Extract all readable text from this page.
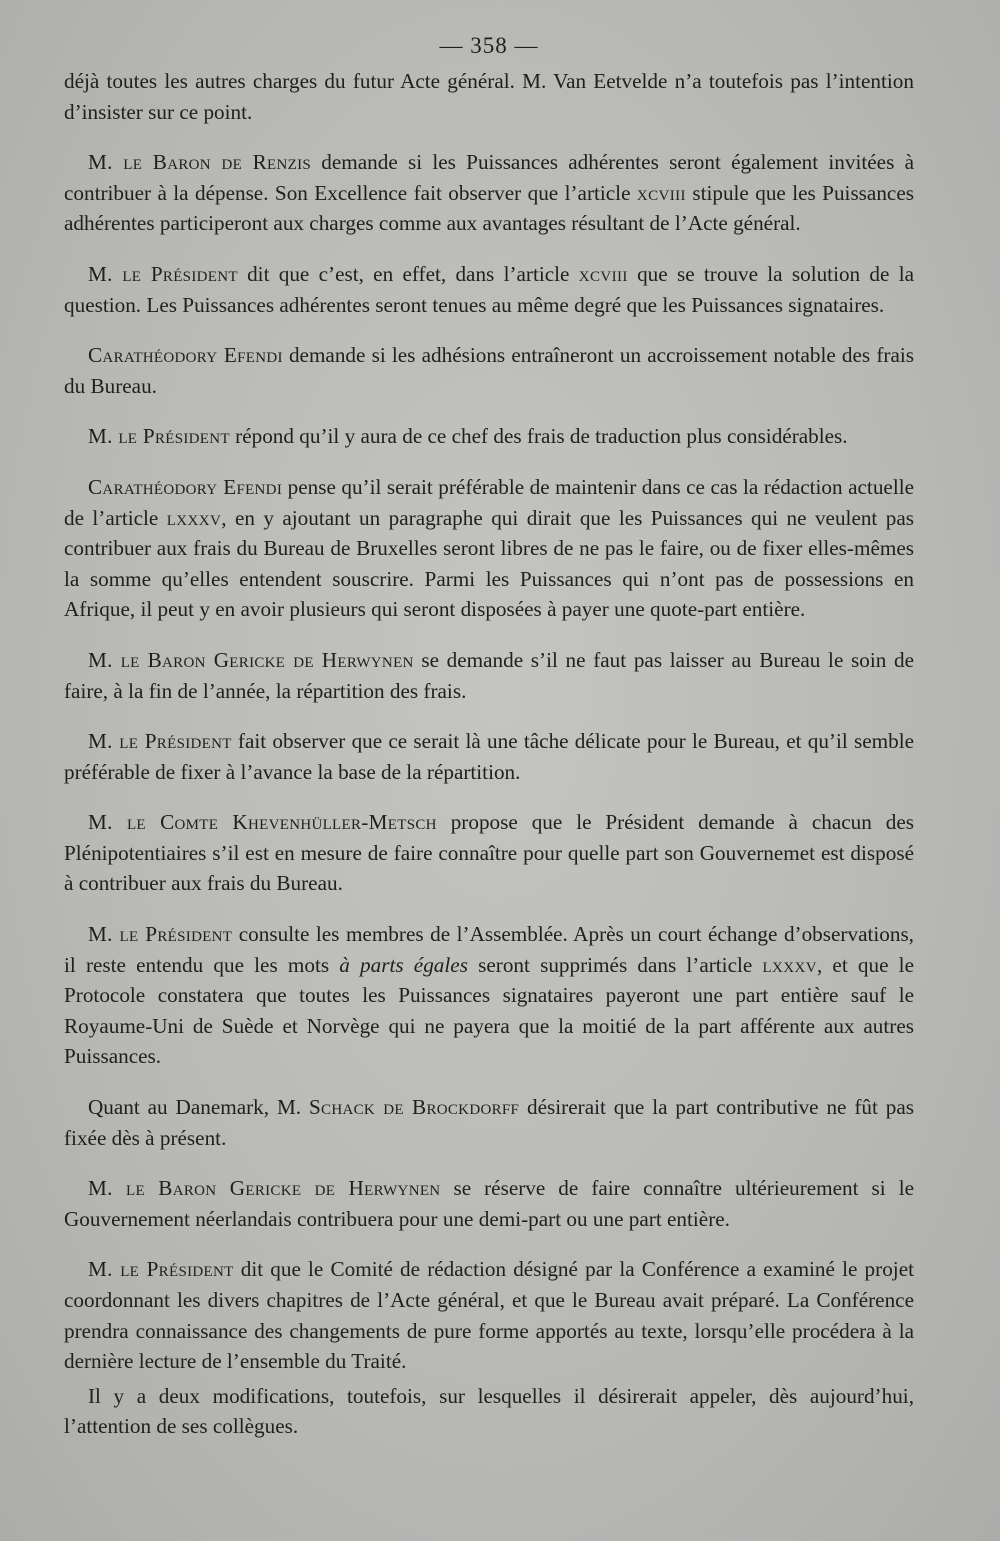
— 358 —

déjà toutes les autres charges du futur Acte général. M. Van Eetvelde n’a toutefois pas l’intention d’insister sur ce point.

M. le Baron de Renzis demande si les Puissances adhérentes seront également invitées à contribuer à la dépense. Son Excellence fait observer que l’article xcviii stipule que les Puissances adhérentes participeront aux charges comme aux avantages résultant de l’Acte général.

M. le Président dit que c’est, en effet, dans l’article xcviii que se trouve la solution de la question. Les Puissances adhérentes seront tenues au même degré que les Puissances signataires.

Carathéodory Efendi demande si les adhésions entraîneront un accroissement notable des frais du Bureau.

M. le Président répond qu’il y aura de ce chef des frais de traduction plus considérables.

Carathéodory Efendi pense qu’il serait préférable de maintenir dans ce cas la rédaction actuelle de l’article lxxxv, en y ajoutant un paragraphe qui dirait que les Puissances qui ne veulent pas contribuer aux frais du Bureau de Bruxelles seront libres de ne pas le faire, ou de fixer elles-mêmes la somme qu’elles entendent souscrire. Parmi les Puissances qui n’ont pas de possessions en Afrique, il peut y en avoir plusieurs qui seront disposées à payer une quote-part entière.

M. le Baron Gericke de Herwynen se demande s’il ne faut pas laisser au Bureau le soin de faire, à la fin de l’année, la répartition des frais.

M. le Président fait observer que ce serait là une tâche délicate pour le Bureau, et qu’il semble préférable de fixer à l’avance la base de la répartition.

M. le Comte Khevenhüller-Metsch propose que le Président demande à chacun des Plénipotentiaires s’il est en mesure de faire connaître pour quelle part son Gouvernemet est disposé à contribuer aux frais du Bureau.

M. le Président consulte les membres de l’Assemblée. Après un court échange d’observations, il reste entendu que les mots à parts égales seront supprimés dans l’article lxxxv, et que le Protocole constatera que toutes les Puissances signataires payeront une part entière sauf le Royaume-Uni de Suède et Norvège qui ne payera que la moitié de la part afférente aux autres Puissances.

Quant au Danemark, M. Schack de Brockdorff désirerait que la part contributive ne fût pas fixée dès à présent.

M. le Baron Gericke de Herwynen se réserve de faire connaître ultérieurement si le Gouvernement néerlandais contribuera pour une demi-part ou une part entière.

M. le Président dit que le Comité de rédaction désigné par la Conférence a examiné le projet coordonnant les divers chapitres de l’Acte général, et que le Bureau avait préparé. La Conférence prendra connaissance des changements de pure forme apportés au texte, lorsqu’elle procédera à la dernière lecture de l’ensemble du Traité.

Il y a deux modifications, toutefois, sur lesquelles il désirerait appeler, dès aujourd’hui, l’attention de ses collègues.
